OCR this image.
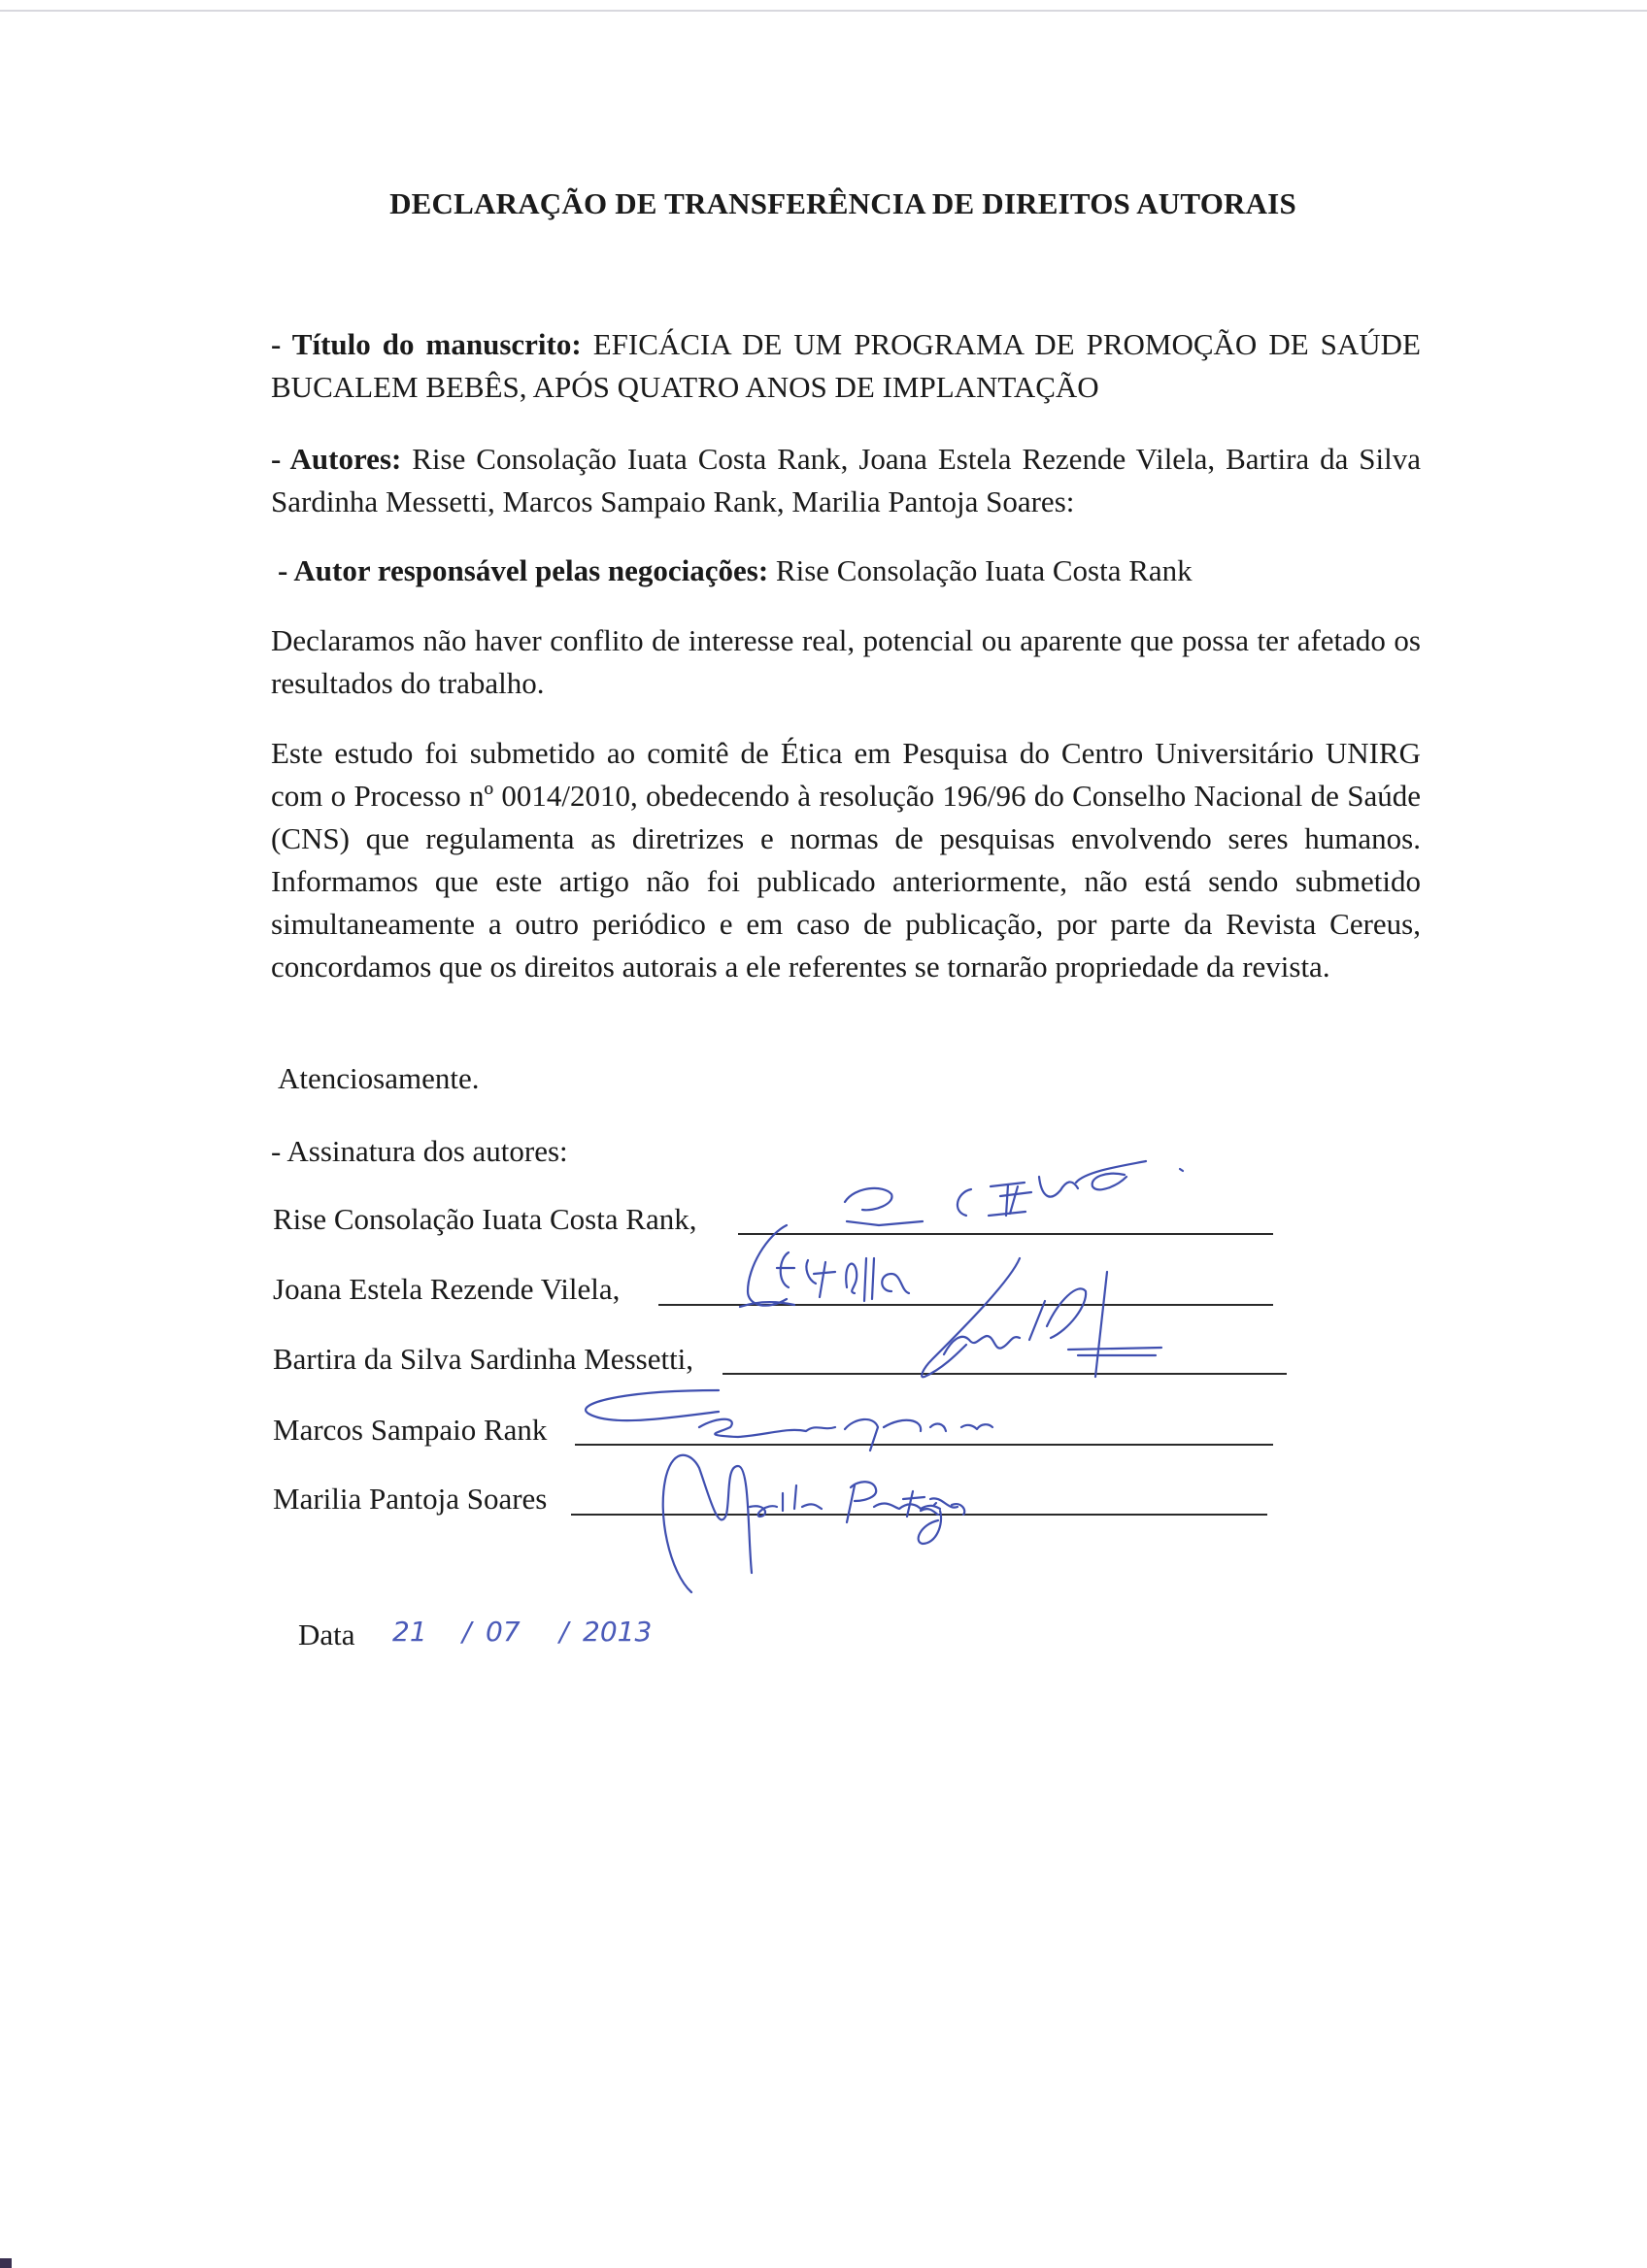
DECLARAÇÃO DE TRANSFERÊNCIA DE DIREITOS AUTORAIS
- Título do manuscrito: EFICÁCIA DE UM PROGRAMA DE PROMOÇÃO DE SAÚDE BUCALEM BEBÊS, APÓS QUATRO ANOS DE IMPLANTAÇÃO
- Autores: Rise Consolação Iuata Costa Rank, Joana Estela Rezende Vilela, Bartira da Silva Sardinha Messetti, Marcos Sampaio Rank, Marilia Pantoja Soares:
- Autor responsável pelas negociações: Rise Consolação Iuata Costa Rank
Declaramos não haver conflito de interesse real, potencial ou aparente que possa ter afetado os resultados do trabalho.
Este estudo foi submetido ao comitê de Ética em Pesquisa do Centro Universitário UNIRG com o Processo nº 0014/2010, obedecendo à resolução 196/96 do Conselho Nacional de Saúde (CNS) que regulamenta as diretrizes e normas de pesquisas envolvendo seres humanos. Informamos que este artigo não foi publicado anteriormente, não está sendo submetido simultaneamente a outro periódico e em caso de publicação, por parte da Revista Cereus, concordamos que os direitos autorais a ele referentes se tornarão propriedade da revista.
Atenciosamente.
- Assinatura dos autores:
Rise Consolação Iuata Costa Rank,
Joana Estela Rezende Vilela,
Bartira da Silva Sardinha Messetti,
Marcos Sampaio Rank
Marilia Pantoja Soares
Data 21 / 07 / 2013
